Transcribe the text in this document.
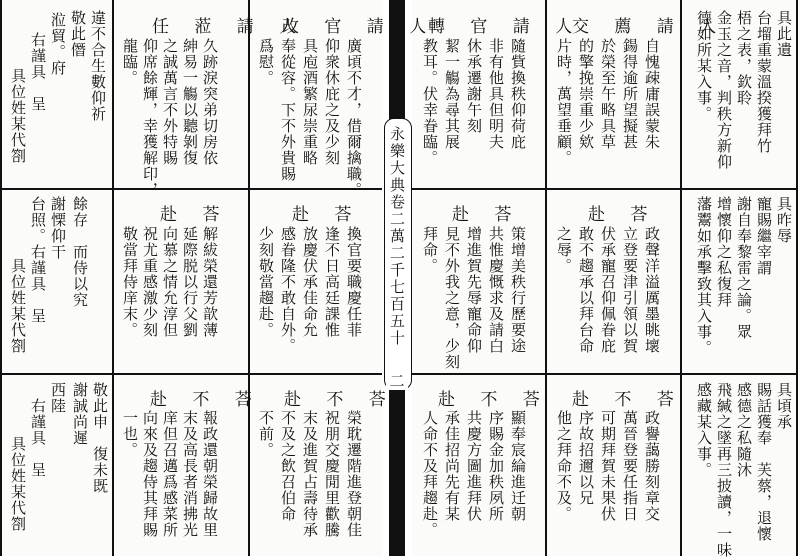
永樂大典卷二萬二千七百五十
二
任 蒞 請 人
改 官 請 人
赴 荅	赴 荅
赴 不 荅 赴 不 荅
具位姓某代劄 右謹具　呈 涖貿。府 敬此僭 違不合生數仰祈 龍臨。 仰席餘輝，幸獲解印， 之誠萬言不外特賜 紳易一觴以聽剝復 久跡淚突弟切房依	爲慰。 奉從容。下不外貴賜 具庖酒繁尿崇重略 仰衆休庇之及少刻 廣頃不才，借爾擒職。
具位姓某代劄 台照。右謹具　呈 謝慄仰干 餘存　而侍以究 敬當拜侍庠末。 祝尤重感激少刻 向慕之情允淳但 延際脱以行父劉 解紱榮還芳歆薄	少刻敬當趨赴。 感眷隆不敢自外。 放慶伏承佳命允 逢不日高廷課惟 換官要職慶任菲
具位姓某代劄 右謹具　呈 西陸 謝誠尚遲 敬此申　復未既 一也。 向來及趨侍其拜賜 庠但召邁爲感菜所 末及高長者消拂光 報政還朝榮歸故里	不前。 不及之飲召伯命 末及進賀占壽待承 祝朋交慶閒里歡騰 榮耽遷階進登朝佳
交 薦 請 人
轉 官 請 人
赴 荅
赴 荅
赴 不 荅
赴 不 荅
具此遺
台塯重蒙溫揆獲拜竹
梧之表，欽聆
金玉之音，判秩方新仰
德如所某入事。
片時，萬望垂顧。 的擎挽崇重少欸 於榮至午略具草 鍚得逾所望擬甚 自愧疎庸誤蒙朱
教耳。伏幸眷臨。 絜一觴為尋其展 休承遷謝午刻 非有他具但明夫 隨貲換秩仰荷庇
具昨辱
寵賜繼宰謂
謝自奉黎雷之論。眾
增懷仰之私復拜
藩鬻如承擊致其入事。
之辱。 敢不趨承以拜台命 伏承寵召仰佩眷庇 立登要津引領以賀 政聲洋溢厲墨眺壞
拜命。 見不外我之意，少刻 增進賀先辱寵命仰 共惟慶慨求及請白 策增美秩行歷要途
具頃承
賜話獲奉　芙蔡，退懷
感德之私隨沐
飛緘之墜再三披讀，一味
感藏某入事。
他之拜命不及。 序故招邇以兄 可期拜賀未果伏 萬晉登要任指日 政譽藹勝刻章交
人命不及拜趨赴。 承佳招尚先有某 共慶方圖進拜伏 序賜金加秩夙所 顯奉宸綸進迁朝
